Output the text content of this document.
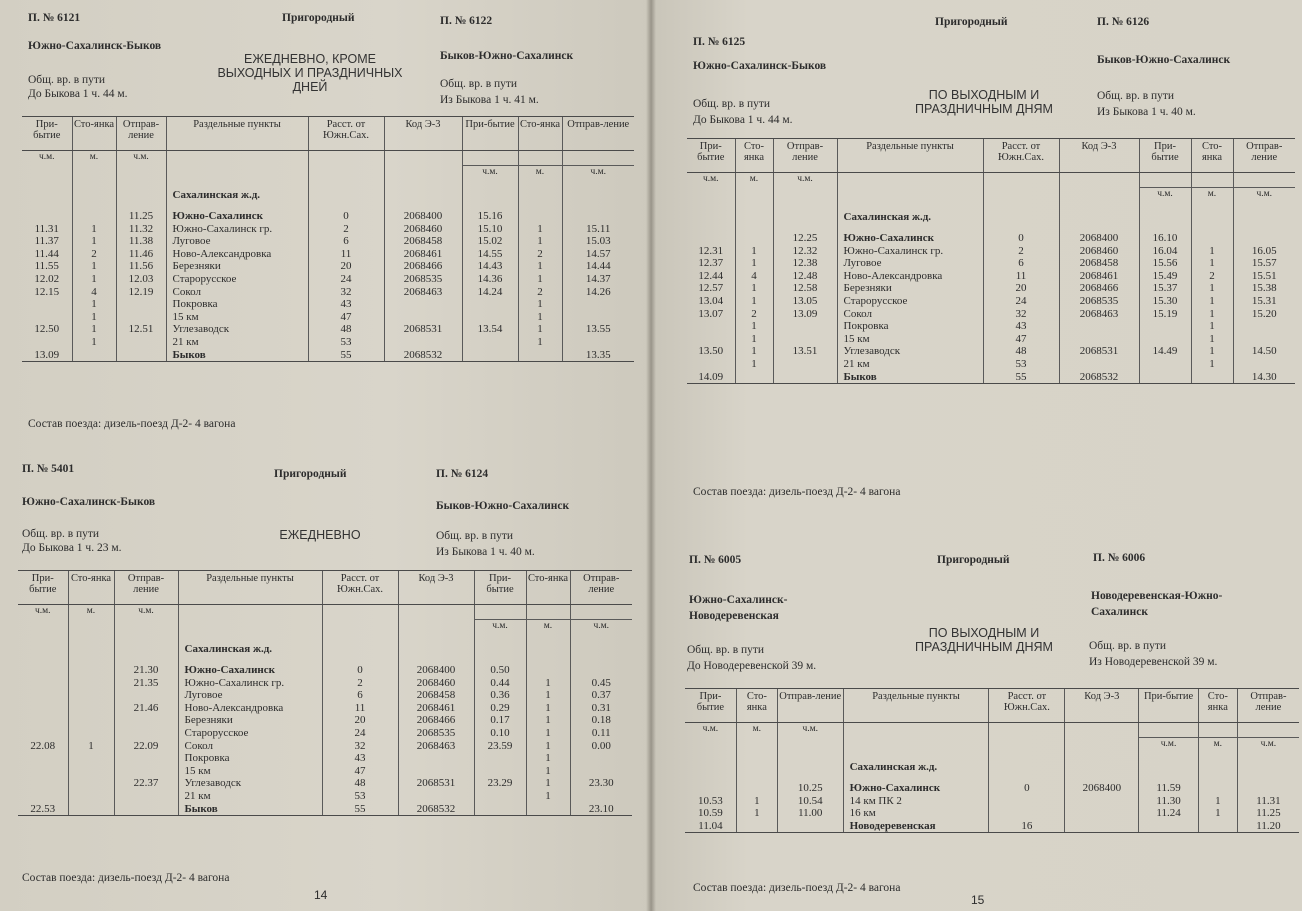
П. № 6121	Пригородный	П. № 6122
Южно-Сахалинск-Быков
Быков-Южно-Сахалинск
ЕЖЕДНЕВНО, КРОМЕ ВЫХОДНЫХ И ПРАЗДНИЧНЫХ ДНЕЙ
Общ. вр. в пути
До Быкова 1 ч. 44 м.
Общ. вр. в пути
Из Быкова 1 ч. 41 м.
При-бытие	Сто-янка	Отправ-ление	Раздельные пункты	Расст. от Южн.Сах.	Код Э-3	При-бытие	Сто-янка	Отправ-ление
ч.м.	м.	ч.м.						
						ч.м.	м.	ч.м.
			Сахалинская ж.д.					
		11.25	Южно-Сахалинск	0	2068400	15.16		
11.31	1	11.32	Южно-Сахалинск гр.	2	2068460	15.10	1	15.11
11.37	1	11.38	Луговое	6	2068458	15.02	1	15.03
11.44	2	11.46	Ново-Александровка	11	2068461	14.55	2	14.57
11.55	1	11.56	Березняки	20	2068466	14.43	1	14.44
12.02	1	12.03	Старорусское	24	2068535	14.36	1	14.37
12.15	4	12.19	Сокол	32	2068463	14.24	2	14.26
	1		Покровка	43			1	
	1		15 км	47			1	
12.50	1	12.51	Углезаводск	48	2068531	13.54	1	13.55
	1		21 км	53			1	
13.09			Быков	55	2068532			13.35
Состав поезда: дизель-поезд Д-2- 4 вагона
П. № 5401	Пригородный	П. № 6124
Южно-Сахалинск-Быков	Быков-Южно-Сахалинск
ЕЖЕДНЕВНО
Общ. вр. в пути
До Быкова 1 ч. 23 м.
Общ. вр. в пути
Из Быкова 1 ч. 40 м.
При-бытие	Сто-янка	Отправ-ление	Раздельные пункты	Расст. от Южн.Сах.	Код Э-3	При-бытие	Сто-янка	Отправ-ление
ч.м.	м.	ч.м.						
						ч.м.	м.	ч.м.
			Сахалинская ж.д.					
		21.30	Южно-Сахалинск	0	2068400	0.50		
		21.35	Южно-Сахалинск гр.	2	2068460	0.44	1	0.45
			Луговое	6	2068458	0.36	1	0.37
		21.46	Ново-Александровка	11	2068461	0.29	1	0.31
			Березняки	20	2068466	0.17	1	0.18
			Старорусское	24	2068535	0.10	1	0.11
22.08	1	22.09	Сокол	32	2068463	23.59	1	0.00
			Покровка	43			1	
			15 км	47			1	
		22.37	Углезаводск	48	2068531	23.29	1	23.30
			21 км	53			1	
22.53			Быков	55	2068532			23.10
Состав поезда: дизель-поезд Д-2- 4 вагона
14
П. № 6125
Пригородный	П. № 6126
Южно-Сахалинск-Быков	Быков-Южно-Сахалинск
ПО ВЫХОДНЫМ И ПРАЗДНИЧНЫМ ДНЯМ
Общ. вр. в пути
До Быкова 1 ч. 44 м.
Общ. вр. в пути
Из Быкова 1 ч. 40 м.
При-бытие	Сто-янка	Отправ-ление	Раздельные пункты	Расст. от Южн.Сах.	Код Э-3	При-бытие	Сто-янка	Отправ-ление
ч.м.	м.	ч.м.						
						ч.м.	м.	ч.м.
			Сахалинская ж.д.					
		12.25	Южно-Сахалинск	0	2068400	16.10		
12.31	1	12.32	Южно-Сахалинск гр.	2	2068460	16.04	1	16.05
12.37	1	12.38	Луговое	6	2068458	15.56	1	15.57
12.44	4	12.48	Ново-Александровка	11	2068461	15.49	2	15.51
12.57	1	12.58	Березняки	20	2068466	15.37	1	15.38
13.04	1	13.05	Старорусское	24	2068535	15.30	1	15.31
13.07	2	13.09	Сокол	32	2068463	15.19	1	15.20
	1		Покровка	43			1	
	1		15 км	47			1	
13.50	1	13.51	Углезаводск	48	2068531	14.49	1	14.50
	1		21 км	53			1	
14.09			Быков	55	2068532			14.30
Состав поезда: дизель-поезд Д-2- 4 вагона
П. № 6005	Пригородный	П. № 6006
Южно-Сахалинск-Новодеревенская
Новодеревенская-Южно-Сахалинск
ПО ВЫХОДНЫМ И ПРАЗДНИЧНЫМ ДНЯМ
Общ. вр. в пути
До Новодеревенской 39 м.
Общ. вр. в пути
Из Новодеревенской 39 м.
При-бытие	Сто-янка	Отправ-ление	Раздельные пункты	Расст. от Южн.Сах.	Код Э-3	При-бытие	Сто-янка	Отправ-ление
ч.м.	м.	ч.м.						
						ч.м.	м.	ч.м.
			Сахалинская ж.д.					
		10.25	Южно-Сахалинск	0	2068400	11.59		
10.53	1	10.54	14 км ПК 2			11.30	1	11.31
10.59	1	11.00	16 км			11.24	1	11.25
11.04			Новодеревенская	16				11.20
Состав поезда: дизель-поезд Д-2- 4 вагона
15
